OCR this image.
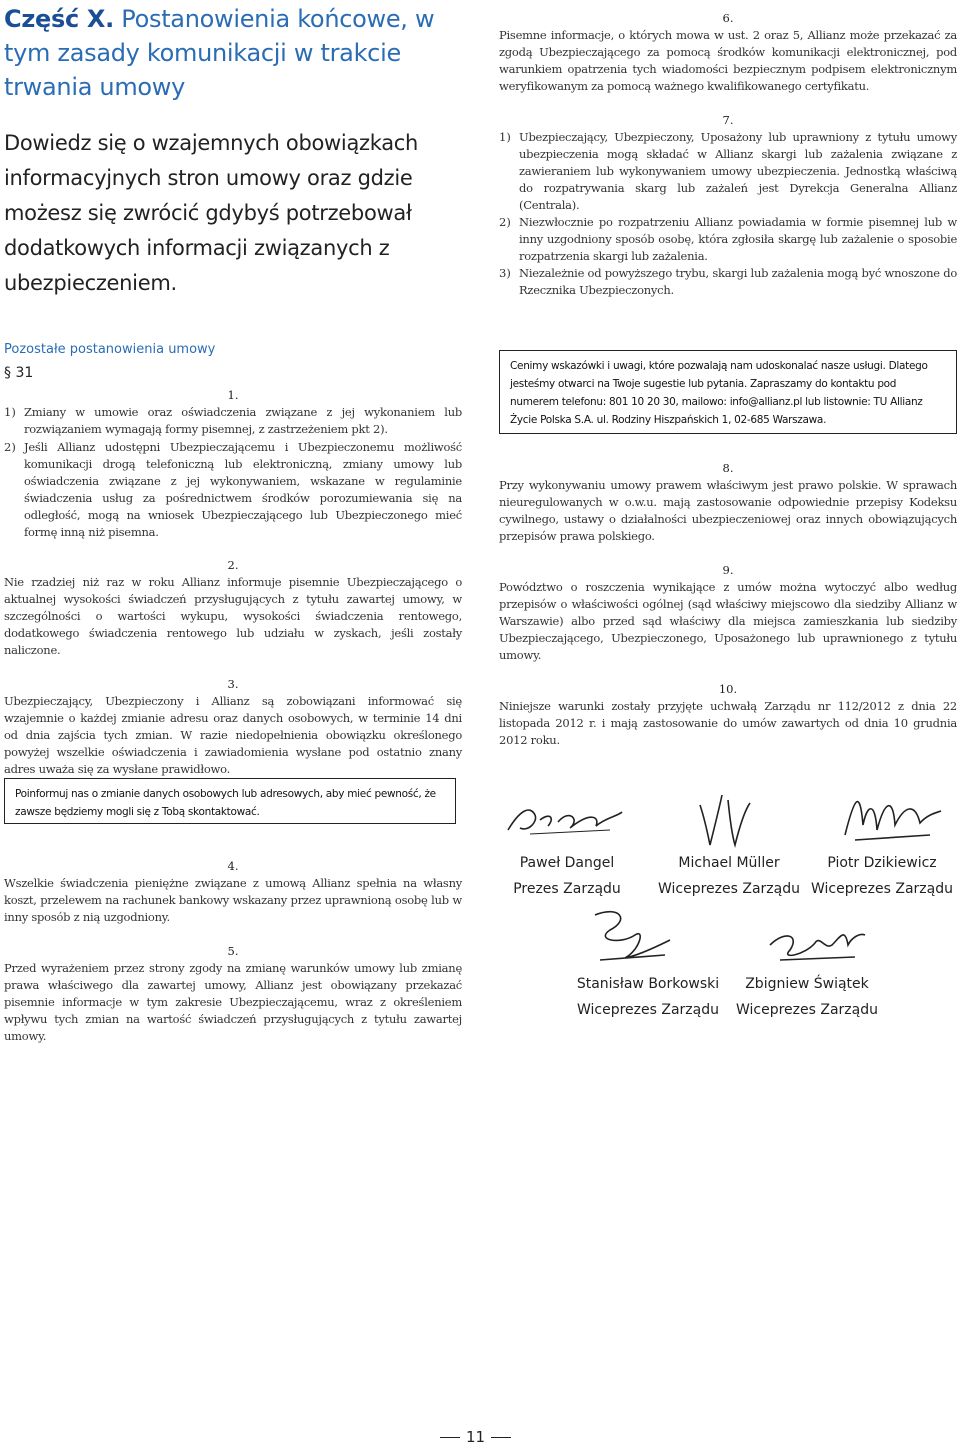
Część X. Postanowienia końcowe, w tym zasady komunikacji w trakcie trwania umowy

Dowiedz się o wzajemnych obowiązkach informacyjnych stron umowy oraz gdzie możesz się zwrócić gdybyś potrzebował dodatkowych informacji związanych z ubezpieczeniem.

Pozostałe postanowienia umowy
§ 31
1.
1) Zmiany w umowie oraz oświadczenia związane z jej wykonaniem lub rozwiązaniem wymagają formy pisemnej, z zastrzeżeniem pkt 2).

2) Jeśli Allianz udostępni Ubezpieczającemu i Ubezpieczonemu możliwość komunikacji drogą telefoniczną lub elektroniczną, zmiany umowy lub oświadczenia związane z jej wykonywaniem, wskazane w regulaminie świadczenia usług za pośrednictwem środków porozumiewania się na odległość, mogą na wniosek Ubezpieczającego lub Ubezpieczonego mieć formę inną niż pisemna.

2.

Nie rzadziej niż raz w roku Allianz informuje pisemnie Ubezpieczającego o aktualnej wysokości świadczeń przysługujących z tytułu zawartej umowy, w szczególności o wartości wykupu, wysokości świadczenia rentowego, dodatkowego świadczenia rentowego lub udziału w zyskach, jeśli zostały naliczone.

3.

Ubezpieczający, Ubezpieczony i Allianz są zobowiązani informować się wzajemnie o każdej zmianie adresu oraz danych osobowych, w terminie 14 dni od dnia zajścia tych zmian. W razie niedopełnienia obowiązku określonego powyżej wszelkie oświadczenia i zawiadomienia wysłane pod ostatnio znany adres uważa się za wysłane prawidłowo.

Poinformuj nas o zmianie danych osobowych lub adresowych, aby mieć pewność, że zawsze będziemy mogli się z Tobą skontaktować.

4.

Wszelkie świadczenia pieniężne związane z umową Allianz spełnia na własny koszt, przelewem na rachunek bankowy wskazany przez uprawnioną osobę lub w inny sposób z nią uzgodniony.

5.

Przed wyrażeniem przez strony zgody na zmianę warunków umowy lub zmianę prawa właściwego dla zawartej umowy, Allianz jest obowiązany przekazać pisemnie informacje w tym zakresie Ubezpieczającemu, wraz z określeniem wpływu tych zmian na wartość świadczeń przysługujących z tytułu zawartej umowy.

6.

Pisemne informacje, o których mowa w ust. 2 oraz 5, Allianz może przekazać za zgodą Ubezpieczającego za pomocą środków komunikacji elektronicznej, pod warunkiem opatrzenia tych wiadomości bezpiecznym podpisem elektronicznym weryfikowanym za pomocą ważnego kwalifikowanego certyfikatu.

7.
1) Ubezpieczający, Ubezpieczony, Uposażony lub uprawniony z tytułu umowy ubezpieczenia mogą składać w Allianz skargi lub zażalenia związane z zawieraniem lub wykonywaniem umowy ubezpieczenia. Jednostką właściwą do rozpatrywania skarg lub zażaleń jest Dyrekcja Generalna Allianz (Centrala).

2) Niezwłocznie po rozpatrzeniu Allianz powiadamia w formie pisemnej lub w inny uzgodniony sposób osobę, która zgłosiła skargę lub zażalenie o sposobie rozpatrzenia skargi lub zażalenia.

3) Niezależnie od powyższego trybu, skargi lub zażalenia mogą być wnoszone do Rzecznika Ubezpieczonych.

Cenimy wskazówki i uwagi, które pozwalają nam udoskonalać nasze usługi. Dlatego jesteśmy otwarci na Twoje sugestie lub pytania. Zapraszamy do kontaktu pod numerem telefonu: 801 10 20 30, mailowo: info@allianz.pl lub listownie: TU Allianz Życie Polska S.A. ul. Rodziny Hiszpańskich 1, 02-685 Warszawa.

8.

Przy wykonywaniu umowy prawem właściwym jest prawo polskie. W sprawach nieuregulowanych w o.w.u. mają zastosowanie odpowiednie przepisy Kodeksu cywilnego, ustawy o działalności ubezpieczeniowej oraz innych obowiązujących przepisów prawa polskiego.

9.

Powództwo o roszczenia wynikające z umów można wytoczyć albo według przepisów o właściwości ogólnej (sąd właściwy miejscowo dla siedziby Allianz w Warszawie) albo przed sąd właściwy dla miejsca zamieszkania lub siedziby Ubezpieczającego, Ubezpieczonego, Uposażonego lub uprawnionego z tytułu umowy.

10.

Niniejsze warunki zostały przyjęte uchwałą Zarządu nr 112/2012 z dnia 22 listopada 2012 r. i mają zastosowanie do umów zawartych od dnia 10 grudnia 2012 roku.

Paweł Dangel
Prezes Zarządu
Michael Müller
Wiceprezes Zarządu
Piotr Dzikiewicz
Wiceprezes Zarządu
Stanisław Borkowski
Wiceprezes Zarządu
Zbigniew Świątek
Wiceprezes Zarządu
11
